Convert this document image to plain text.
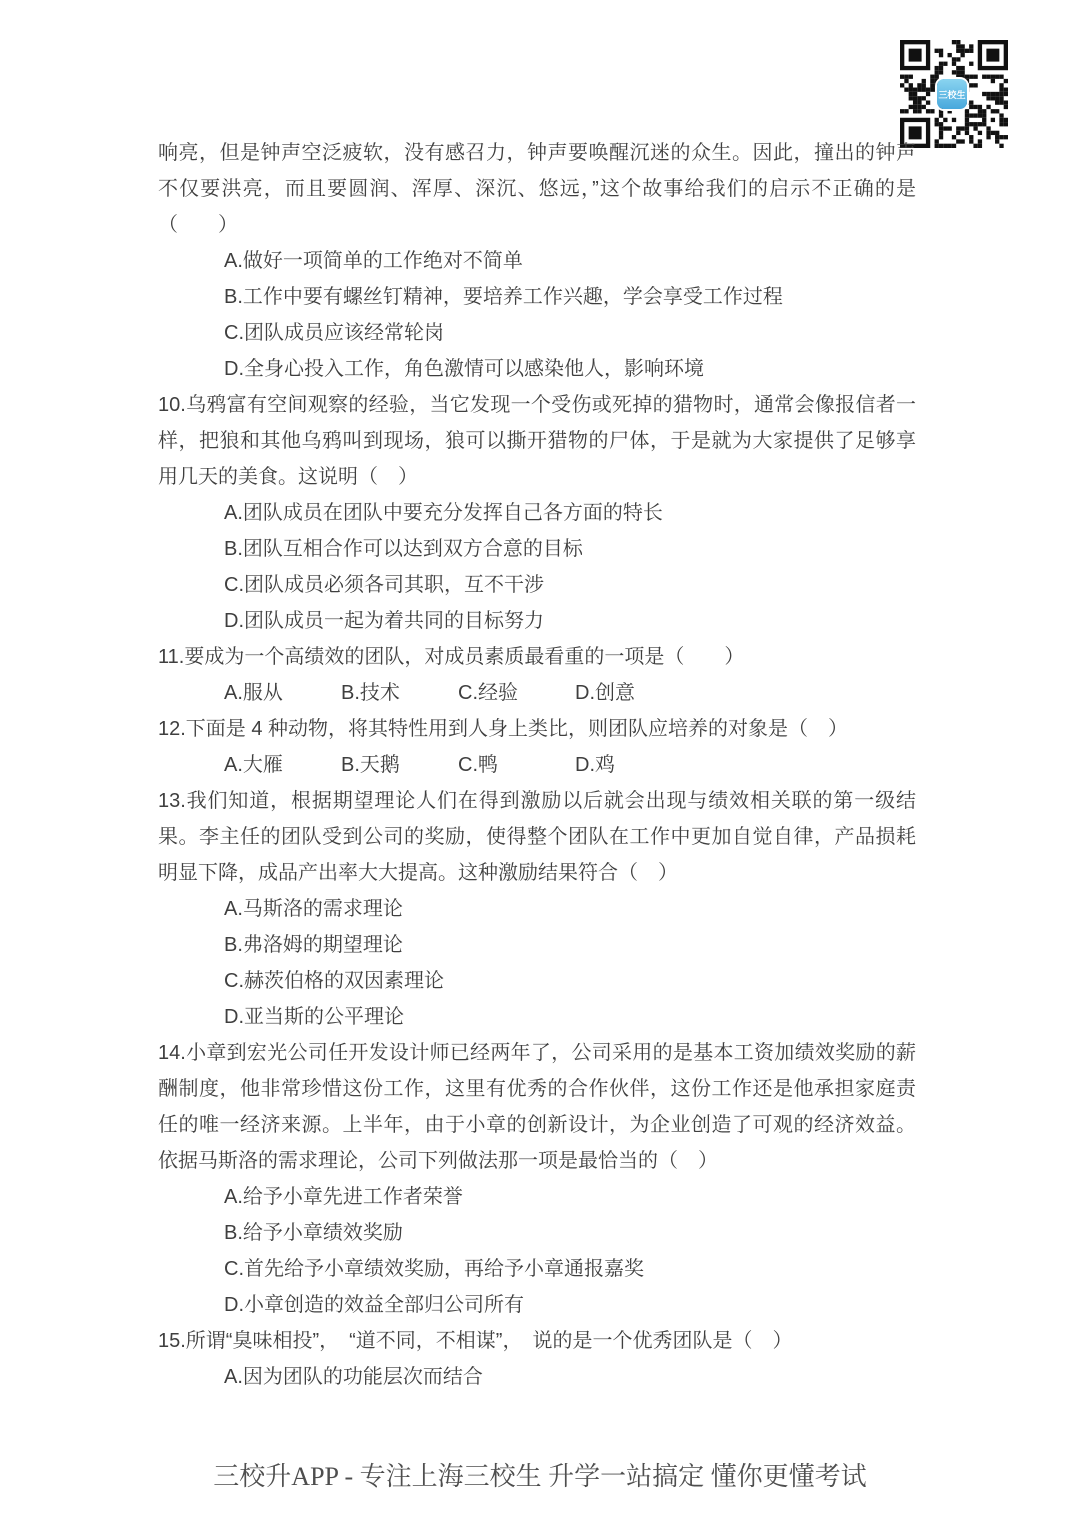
三校生

响亮，但是钟声空泛疲软，没有感召力，钟声要唤醒沉迷的众生。因此，撞出的钟声不仅要洪亮，而且要圆润、浑厚、深沉、悠远，”这个故事给我们的启示不正确的是（　　）

A.做好一项简单的工作绝对不简单

B.工作中要有螺丝钉精神，要培养工作兴趣，学会享受工作过程

C.团队成员应该经常轮岗

D.全身心投入工作，角色激情可以感染他人，影响环境

10.乌鸦富有空间观察的经验，当它发现一个受伤或死掉的猎物时，通常会像报信者一样，把狼和其他乌鸦叫到现场，狼可以撕开猎物的尸体，于是就为大家提供了足够享用几天的美食。这说明（　）

A.团队成员在团队中要充分发挥自己各方面的特长

B.团队互相合作可以达到双方合意的目标

C.团队成员必须各司其职，互不干涉

D.团队成员一起为着共同的目标努力

11.要成为一个高绩效的团队，对成员素质最看重的一项是（　　）

A.服从	B.技术	C.经验	D.创意

12.下面是 4 种动物，将其特性用到人身上类比，则团队应培养的对象是（　）

A.大雁	B.天鹅	C.鸭	D.鸡

13.我们知道，根据期望理论人们在得到激励以后就会出现与绩效相关联的第一级结果。李主任的团队受到公司的奖励，使得整个团队在工作中更加自觉自律，产品损耗明显下降，成品产出率大大提高。这种激励结果符合（　）

A.马斯洛的需求理论

B.弗洛姆的期望理论

C.赫茨伯格的双因素理论

D.亚当斯的公平理论

14.小章到宏光公司任开发设计师已经两年了，公司采用的是基本工资加绩效奖励的薪酬制度，他非常珍惜这份工作，这里有优秀的合作伙伴，这份工作还是他承担家庭责任的唯一经济来源。上半年，由于小章的创新设计，为企业创造了可观的经济效益。依据马斯洛的需求理论，公司下列做法那一项是最恰当的（　）

A.给予小章先进工作者荣誉

B.给予小章绩效奖励

C.首先给予小章绩效奖励，再给予小章通报嘉奖

D.小章创造的效益全部归公司所有

15.所谓“臭味相投”，　“道不同，不相谋”，　说的是一个优秀团队是（　）

A.因为团队的功能层次而结合

三校升APP - 专注上海三校生 升学一站搞定 懂你更懂考试
